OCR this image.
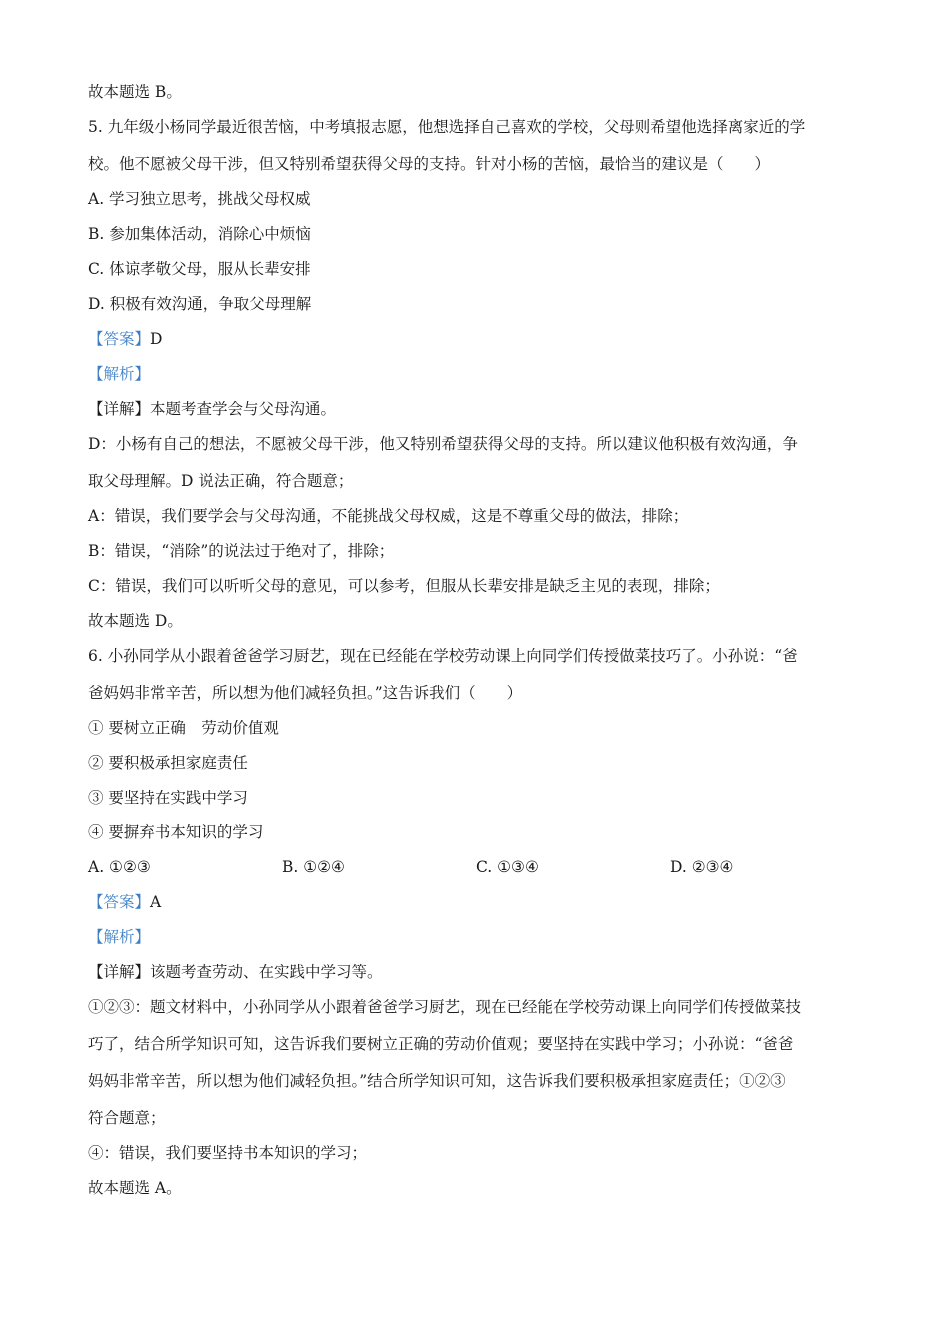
故本题选 B。
5. 九年级小杨同学最近很苦恼，中考填报志愿，他想选择自己喜欢的学校，父母则希望他选择离家近的学
校。他不愿被父母干涉，但又特别希望获得父母的支持。针对小杨的苦恼，最恰当的建议是（　　）
A. 学习独立思考，挑战父母权威
B. 参加集体活动，消除心中烦恼
C. 体谅孝敬父母，服从长辈安排
D. 积极有效沟通，争取父母理解
【答案】D
【解析】
【详解】本题考查学会与父母沟通。
D：小杨有自己的想法，不愿被父母干涉，他又特别希望获得父母的支持。所以建议他积极有效沟通，争
取父母理解。D 说法正确，符合题意；
A：错误，我们要学会与父母沟通，不能挑战父母权威，这是不尊重父母的做法，排除；
B：错误，“消除”的说法过于绝对了，排除；
C：错误，我们可以听听父母的意见，可以参考，但服从长辈安排是缺乏主见的表现，排除；
故本题选 D。
6. 小孙同学从小跟着爸爸学习厨艺，现在已经能在学校劳动课上向同学们传授做菜技巧了。小孙说：“爸
爸妈妈非常辛苦，所以想为他们减轻负担。”这告诉我们（　　）
① 要树立正确　劳动价值观
② 要积极承担家庭责任
③ 要坚持在实践中学习
④ 要摒弃书本知识的学习
A. ①②③	B. ①②④	C. ①③④	D. ②③④
【答案】A
【解析】
【详解】该题考查劳动、在实践中学习等。
①②③：题文材料中，小孙同学从小跟着爸爸学习厨艺，现在已经能在学校劳动课上向同学们传授做菜技
巧了，结合所学知识可知，这告诉我们要树立正确的劳动价值观；要坚持在实践中学习；小孙说：“爸爸
妈妈非常辛苦，所以想为他们减轻负担。”结合所学知识可知，这告诉我们要积极承担家庭责任；①②③
符合题意；
④：错误，我们要坚持书本知识的学习；
故本题选 A。
